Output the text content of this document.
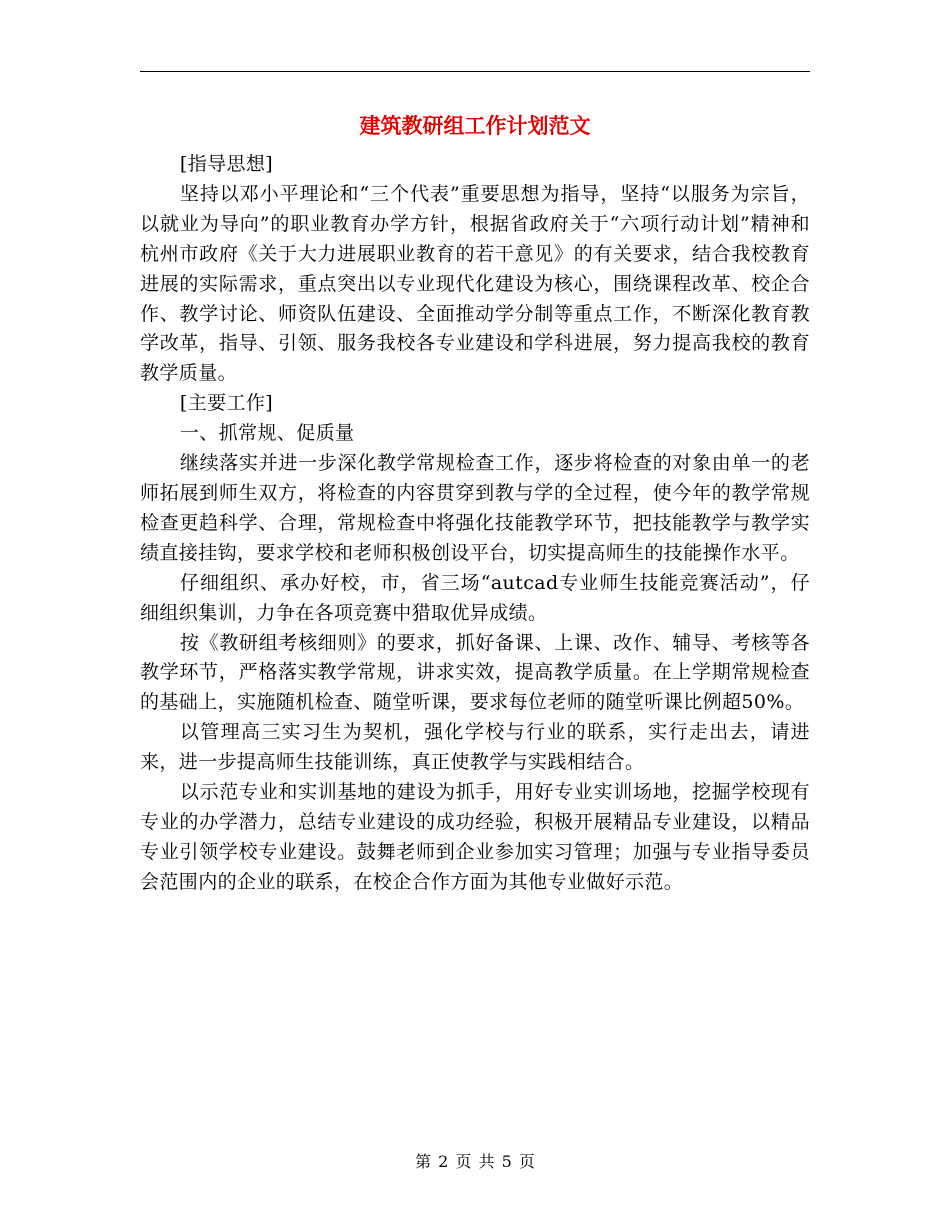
建筑教研组工作计划范文

[指导思想]

坚持以邓小平理论和“三个代表”重要思想为指导，坚持“以服务为宗旨，以就业为导向”的职业教育办学方针，根据省政府关于“六项行动计划”精神和杭州市政府《关于大力进展职业教育的若干意见》的有关要求，结合我校教育进展的实际需求，重点突出以专业现代化建设为核心，围绕课程改革、校企合作、教学讨论、师资队伍建设、全面推动学分制等重点工作，不断深化教育教学改革，指导、引领、服务我校各专业建设和学科进展，努力提高我校的教育教学质量。

[主要工作]

一、抓常规、促质量

继续落实并进一步深化教学常规检查工作，逐步将检查的对象由单一的老师拓展到师生双方，将检查的内容贯穿到教与学的全过程，使今年的教学常规检查更趋科学、合理，常规检查中将强化技能教学环节，把技能教学与教学实绩直接挂钩，要求学校和老师积极创设平台，切实提高师生的技能操作水平。

仔细组织、承办好校，市，省三场“autcad专业师生技能竞赛活动”，仔细组织集训，力争在各项竞赛中猎取优异成绩。

按《教研组考核细则》的要求，抓好备课、上课、改作、辅导、考核等各教学环节，严格落实教学常规，讲求实效，提高教学质量。在上学期常规检查的基础上，实施随机检查、随堂听课，要求每位老师的随堂听课比例超50%。

以管理高三实习生为契机，强化学校与行业的联系，实行走出去，请进来，进一步提高师生技能训练，真正使教学与实践相结合。

以示范专业和实训基地的建设为抓手，用好专业实训场地，挖掘学校现有专业的办学潜力，总结专业建设的成功经验，积极开展精品专业建设，以精品专业引领学校专业建设。鼓舞老师到企业参加实习管理；加强与专业指导委员会范围内的企业的联系，在校企合作方面为其他专业做好示范。

第 2 页 共 5 页
